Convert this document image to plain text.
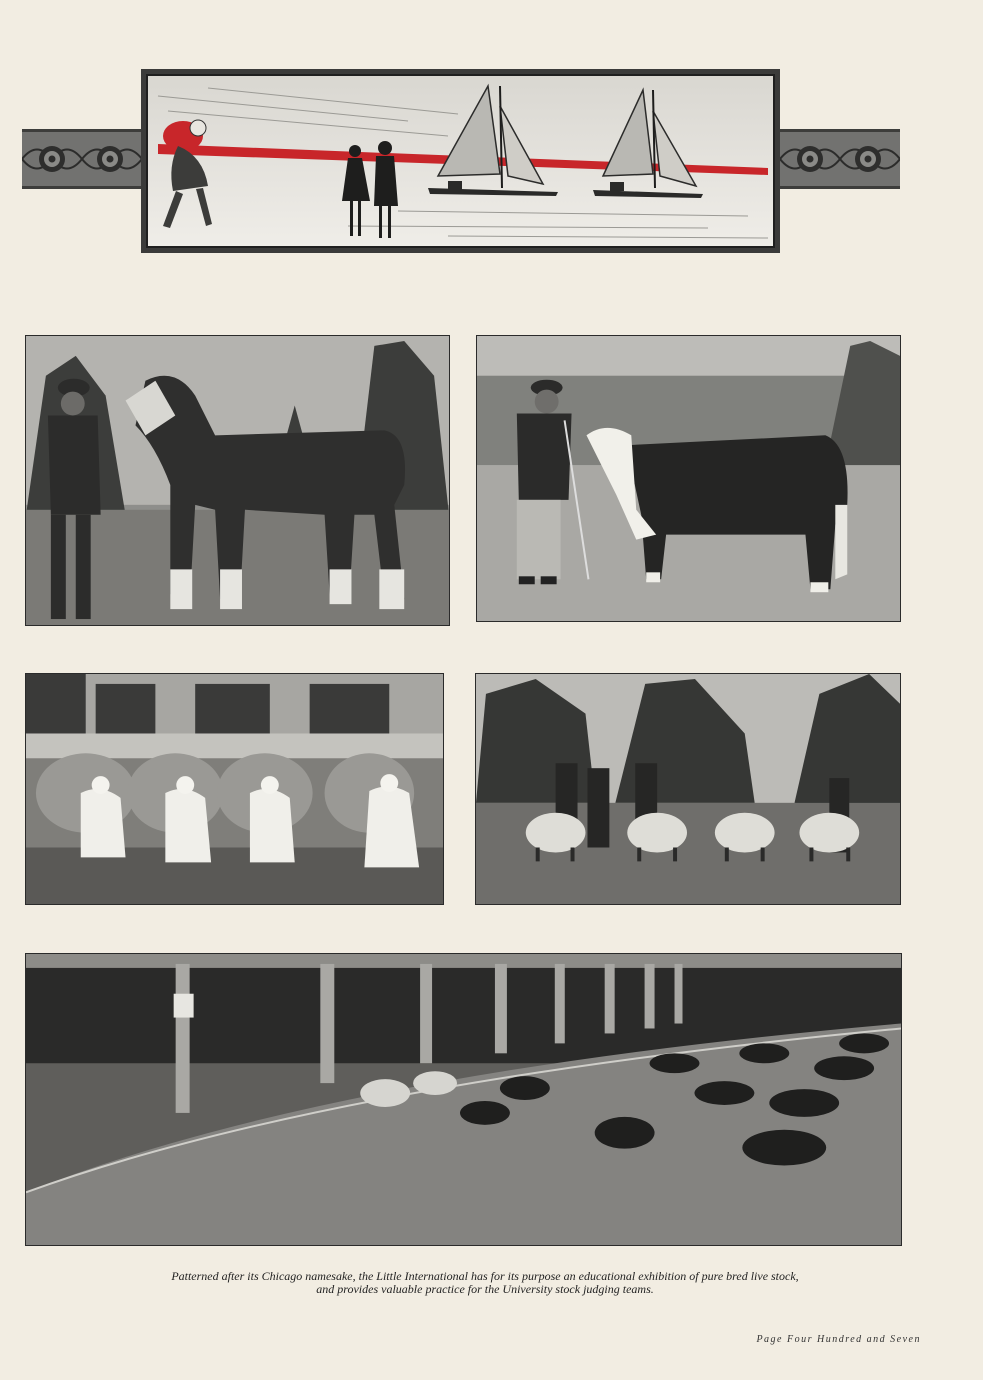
Patterned after its Chicago namesake, the Little International has for its purpose an educational exhibition of pure bred live stock,
and provides valuable practice for the University stock judging teams.
Page Four Hundred and Seven
